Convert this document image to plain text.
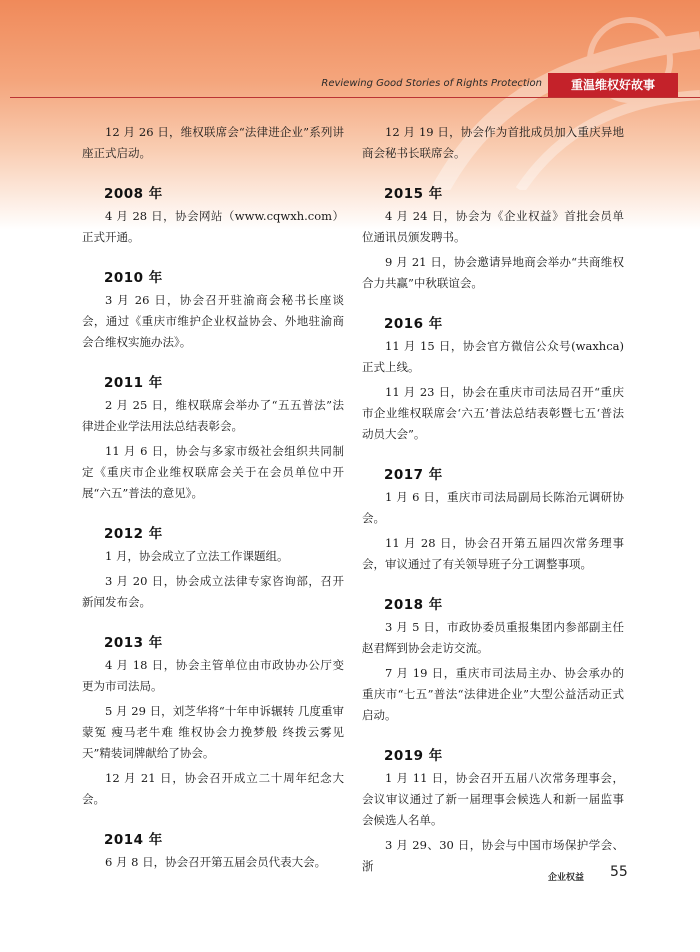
Reviewing Good Stories of Rights Protection	重温维权好故事
12 月 26 日，维权联席会“法律进企业”系列讲座正式启动。
2008 年
4 月 28 日，协会网站（www.cqwxh.com）正式开通。
2010 年
3 月 26 日，协会召开驻渝商会秘书长座谈会，通过《重庆市维护企业权益协会、外地驻渝商会合维权实施办法》。
2011 年
2 月 25 日，维权联席会举办了“五五普法”法律进企业学法用法总结表彰会。
11 月 6 日，协会与多家市级社会组织共同制定《重庆市企业维权联席会关于在会员单位中开展“六五”普法的意见》。
2012 年
1 月，协会成立了立法工作课题组。
3 月 20 日，协会成立法律专家咨询部，召开新闻发布会。
2013 年
4 月 18 日，协会主管单位由市政协办公厅变更为市司法局。
5 月 29 日，刘芝华将“十年申诉辗转 几度重审蒙冤 瘦马老牛难 维权协会力挽梦般 终拨云雾见天”精装词牌献给了协会。
12 月 21 日，协会召开成立二十周年纪念大会。
2014 年
6 月 8 日，协会召开第五届会员代表大会。
12 月 19 日，协会作为首批成员加入重庆异地商会秘书长联席会。
2015 年
4 月 24 日，协会为《企业权益》首批会员单位通讯员颁发聘书。
9 月 21 日，协会邀请异地商会举办“共商维权 合力共赢”中秋联谊会。
2016 年
11 月 15 日，协会官方微信公众号(waxhca)正式上线。
11 月 23 日，协会在重庆市司法局召开“重庆市企业维权联席会‘六五’普法总结表彰暨七五‘普法动员大会”。
2017 年
1 月 6 日，重庆市司法局副局长陈治元调研协会。
11 月 28 日，协会召开第五届四次常务理事会，审议通过了有关领导班子分工调整事项。
2018 年
3 月 5 日，市政协委员重报集团内参部副主任赵君辉到协会走访交流。
7 月 19 日，重庆市司法局主办、协会承办的重庆市“七五”普法“法律进企业”大型公益活动正式启动。
2019 年
1 月 11 日，协会召开五届八次常务理事会，会议审议通过了新一届理事会候选人和新一届监事会候选人名单。
3 月 29、30 日，协会与中国市场保护学会、浙
企业权益 55
